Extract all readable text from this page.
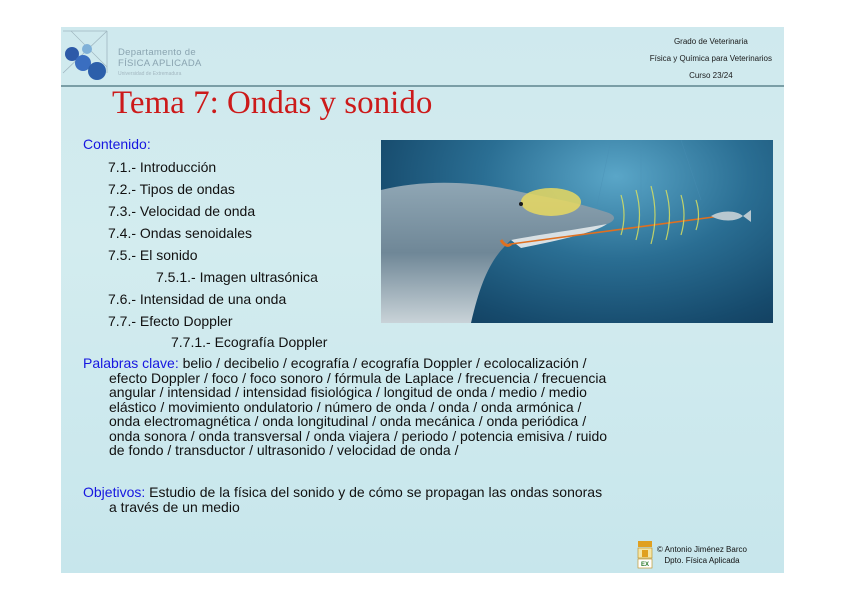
Departamento de
FÍSICA APLICADA
Universidad de Extremadura
Grado de Veterinaria
Física y Química para Veterinarios
Curso 23/24
Tema 7: Ondas y sonido
Contenido:
7.1.- Introducción
7.2.- Tipos de ondas
7.3.- Velocidad de onda
7.4.- Ondas senoidales
7.5.- El sonido
7.5.1.- Imagen ultrasónica
7.6.- Intensidad de una onda
7.7.- Efecto Doppler
7.7.1.- Ecografía Doppler
Palabras clave: belio / decibelio / ecografía / ecografía Doppler / ecolocalización /
efecto Doppler / foco / foco sonoro / fórmula de Laplace / frecuencia / frecuencia
angular / intensidad / intensidad fisiológica / longitud de onda / medio / medio
elástico / movimiento ondulatorio / número de onda / onda / onda armónica /
onda electromagnética / onda longitudinal / onda mecánica / onda periódica /
onda sonora / onda transversal / onda viajera / periodo / potencia emisiva / ruido
de fondo / transductor / ultrasonido / velocidad de onda /
Objetivos: Estudio de la física del sonido y de cómo se propagan las ondas sonoras
a través de un medio
EX
© Antonio Jiménez Barco
Dpto. Física Aplicada
